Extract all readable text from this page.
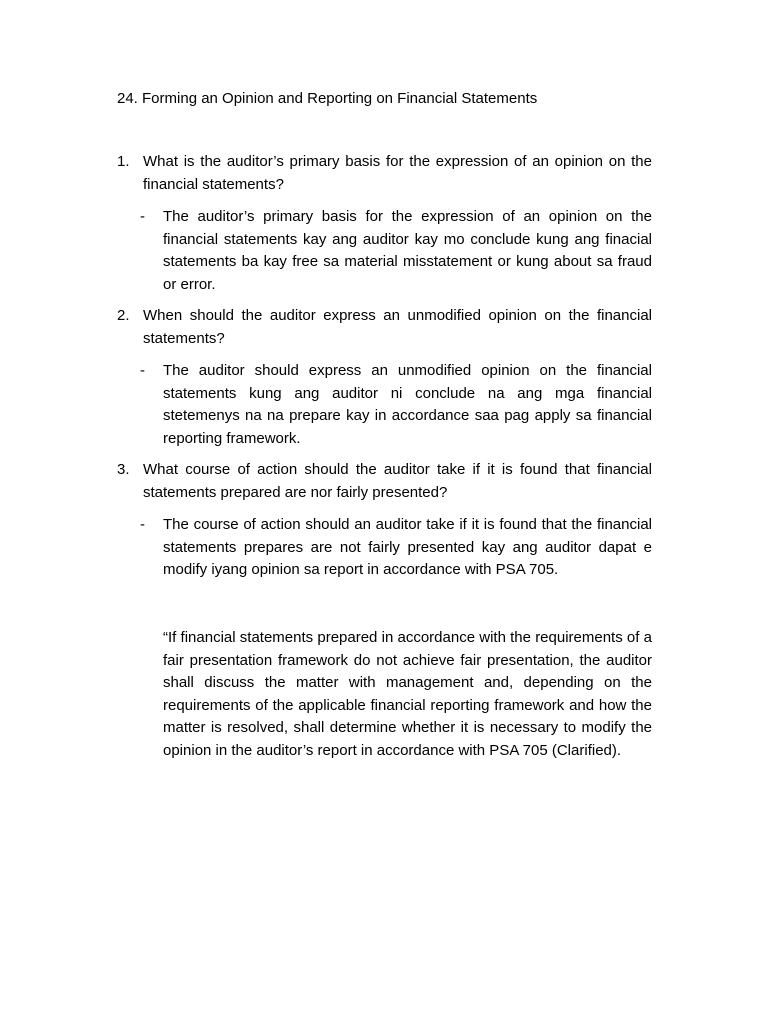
24. Forming an Opinion and Reporting on Financial Statements
1. What is the auditor’s primary basis for the expression of an opinion on the financial statements?
-	The auditor’s primary basis for the expression of an opinion on the financial statements kay ang auditor kay mo conclude kung ang finacial statements ba kay free sa material misstatement or kung about sa fraud or error.
2. When should the auditor express an unmodified opinion on the financial statements?
-	The auditor should express an unmodified opinion on the financial statements kung ang auditor ni conclude na ang mga financial stetemenys na na prepare kay in accordance saa pag apply sa financial reporting framework.
3. What course of action should the auditor take if it is found that financial statements prepared are nor fairly presented?
-	The course of action should an auditor take if it is found that the financial statements prepares are not fairly presented kay ang auditor dapat e modify iyang opinion sa report in accordance with PSA 705.
“If financial statements prepared in accordance with the requirements of a fair presentation framework do not achieve fair presentation, the auditor shall discuss the matter with management and, depending on the requirements of the applicable financial reporting framework and how the matter is resolved, shall determine whether it is necessary to modify the opinion in the auditor’s report in accordance with PSA 705 (Clarified).
